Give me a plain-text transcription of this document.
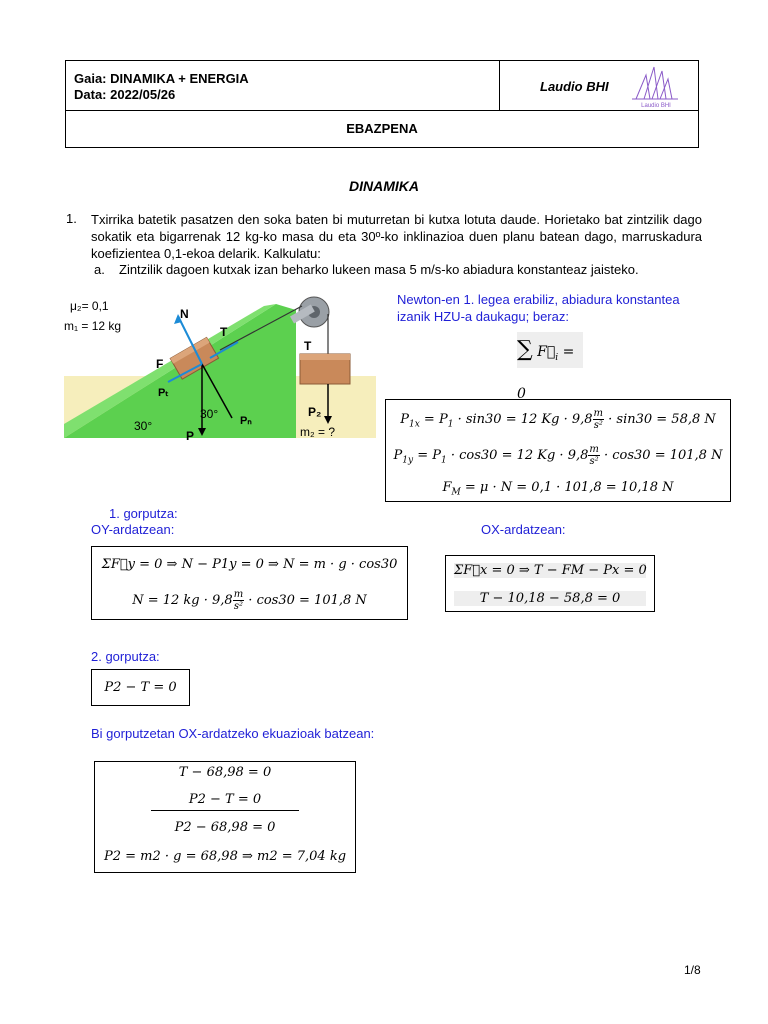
Gaia: DINAMIKA + ENERGIA
Data: 2022/05/26
Laudio BHI
Laudio BHI
EBAZPENA
DINAMIKA
1. Txirrika batetik pasatzen den soka baten bi muturretan bi kutxa lotuta daude. Horietako bat zintzilik dago sokatik eta bigarrenak 12 kg-ko masa du eta 30º-ko inklinazioa duen planu batean dago, marruskadura koefizientea 0,1-ekoa delarik. Kalkulatu:
a. Zintzilik dagoen kutxak izan beharko lukeen masa 5 m/s-ko abiadura konstanteaz jaisteko.
μ₂= 0,1
m₁ = 12 kg
N
T
F
Pₜ
30° Pₙ
P
30°
T
P₂
m₂ = ?
Newton-en 1. legea erabiliz, abiadura konstantea izanik HZU-a daukagu; beraz:
∑ $F⃗_i = 0$
$P_{1x} = P_1 \cdot \sin 30 = 12$ $Kg \cdot 9,8 \frac{m}{\text{s²}} \cdot \sin 30 = 58,8$ N
$P_{1y} = P_1 \cdot \cos 30 = 12$ $Kg \cdot 9,8 \frac{m}{\text{s²}} \cdot \cos 30 = 101,8$ N
$F_M = \mu \cdot N = 0,1 \cdot 101,8 = 10,18$ N
1. gorputza:
OY-ardatzean:	OX-ardatzean:
ΣF⃗y = 0 ⇒ N − P1y = 0 ⇒ N = m · g · cos30
N = 12 kg · $9,8 \frac{m}{\text{s²}} \cdot \cos 30 = 101,8$ N
ΣF⃗x = 0 ⇒ T − FM − Px = 0
T − 10,18 − 58,8 = 0
2. gorputza:
P2 − T = 0
Bi gorputzetan OX-ardatzeko ekuazioak batzean:
T − 68,98 = 0
P2 − T = 0
P2 − 68,98 = 0
P2 = m2 · g = 68,98 ⇒ m2 = 7,04 kg
1/8
